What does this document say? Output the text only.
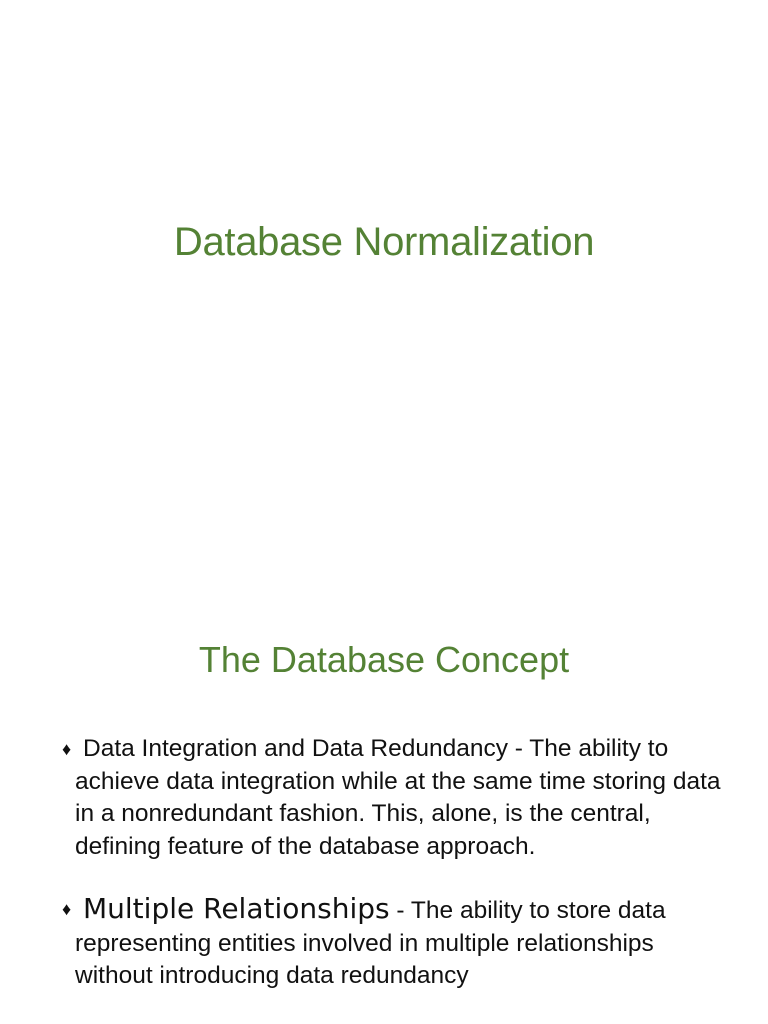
Database Normalization
The Database Concept
♦ Data Integration and Data Redundancy - The ability to achieve data integration while at the same time storing data in a nonredundant fashion. This, alone, is the central, defining feature of the database approach.
♦ Multiple Relationships - The ability to store data representing entities involved in multiple relationships without introducing data redundancy
